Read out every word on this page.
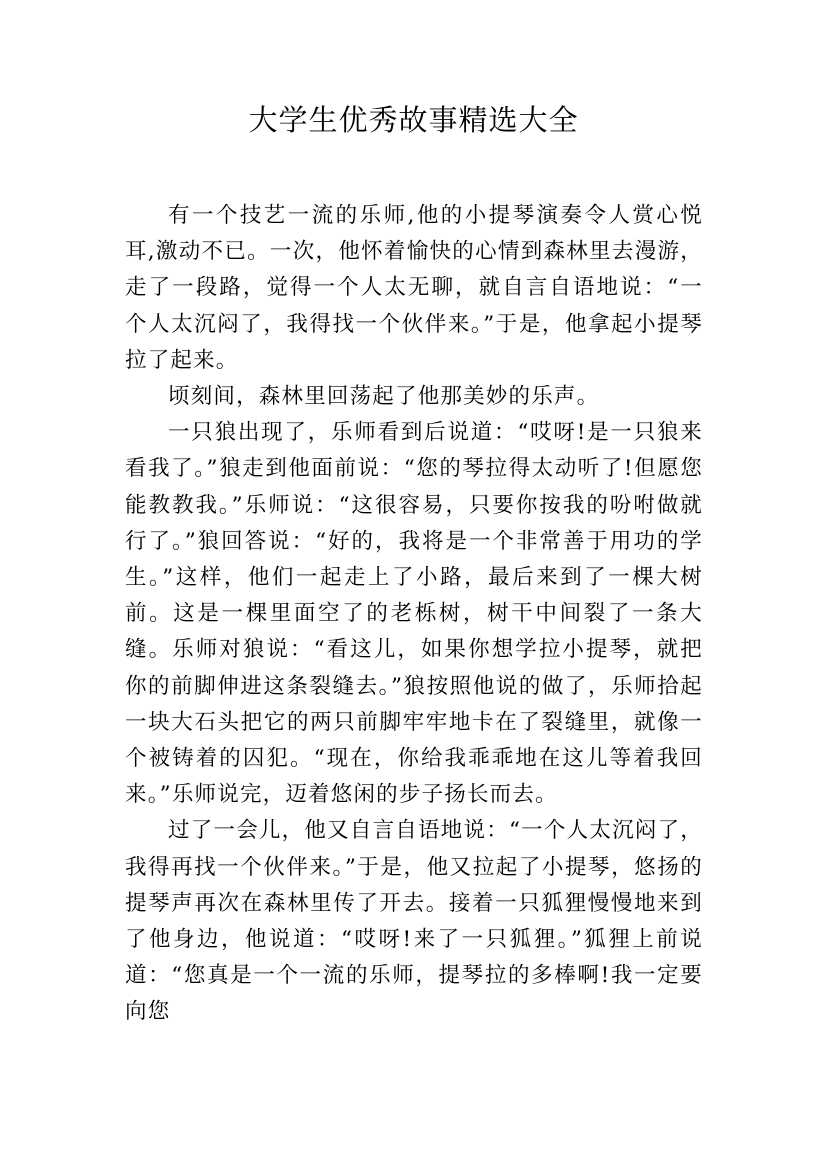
大学生优秀故事精选大全

有一个技艺一流的乐师,他的小提琴演奏令人赏心悦耳,激动不已。一次，他怀着愉快的心情到森林里去漫游，走了一段路，觉得一个人太无聊，就自言自语地说：“一个人太沉闷了，我得找一个伙伴来。”于是，他拿起小提琴拉了起来。

顷刻间，森林里回荡起了他那美妙的乐声。

一只狼出现了，乐师看到后说道：“哎呀!是一只狼来看我了。”狼走到他面前说：“您的琴拉得太动听了!但愿您能教教我。”乐师说：“这很容易，只要你按我的吩咐做就行了。”狼回答说：“好的，我将是一个非常善于用功的学生。”这样，他们一起走上了小路，最后来到了一棵大树前。这是一棵里面空了的老栎树，树干中间裂了一条大缝。乐师对狼说：“看这儿，如果你想学拉小提琴，就把你的前脚伸进这条裂缝去。”狼按照他说的做了，乐师拾起一块大石头把它的两只前脚牢牢地卡在了裂缝里，就像一个被铸着的囚犯。“现在，你给我乖乖地在这儿等着我回来。”乐师说完，迈着悠闲的步子扬长而去。

过了一会儿，他又自言自语地说：“一个人太沉闷了，我得再找一个伙伴来。”于是，他又拉起了小提琴，悠扬的提琴声再次在森林里传了开去。接着一只狐狸慢慢地来到了他身边，他说道：“哎呀!来了一只狐狸。”狐狸上前说道：“您真是一个一流的乐师，提琴拉的多棒啊!我一定要向您
